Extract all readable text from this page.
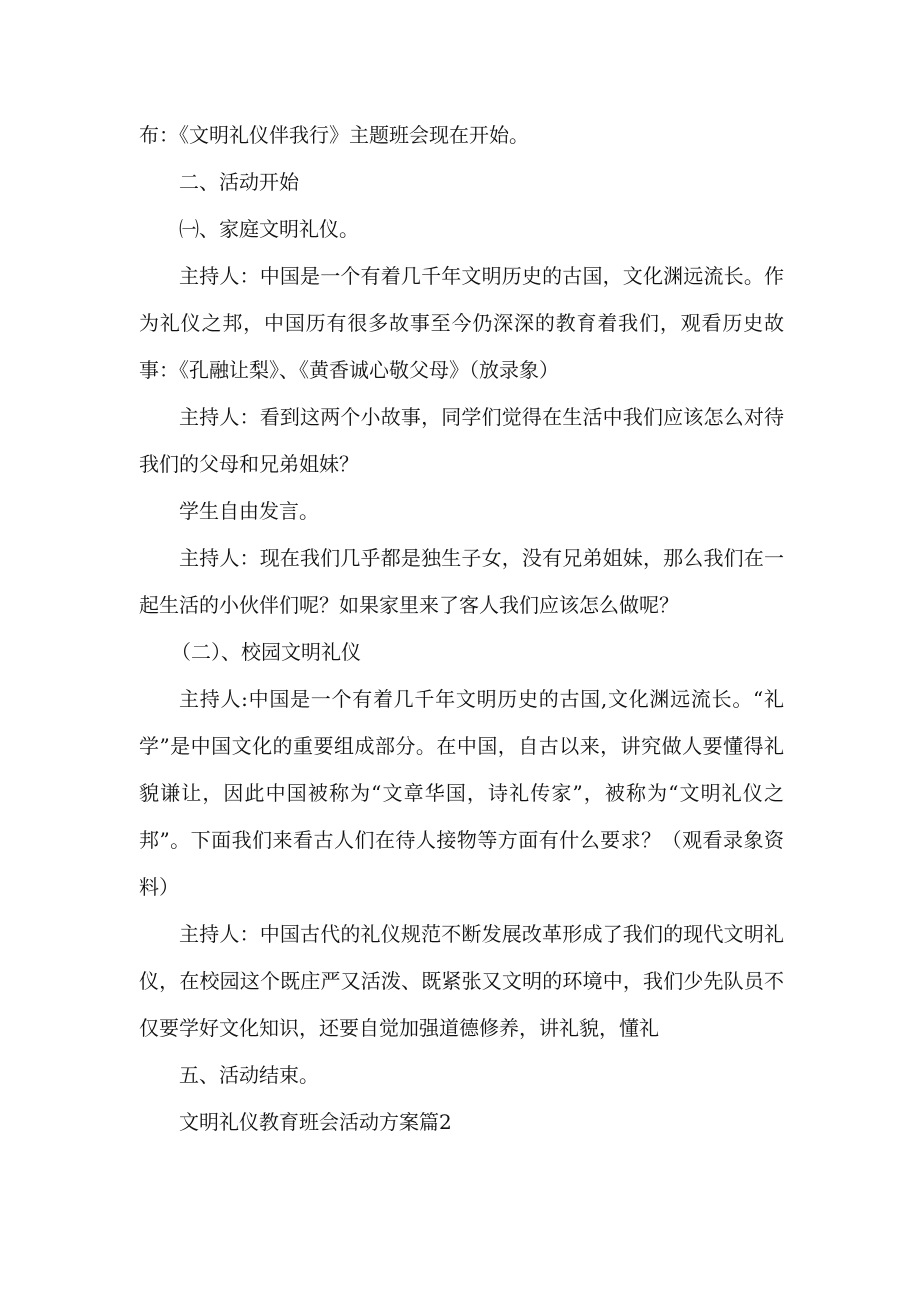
布：《文明礼仪伴我行》主题班会现在开始。

二、活动开始

㈠、家庭文明礼仪。

主持人：中国是一个有着几千年文明历史的古国，文化渊远流长。作为礼仪之邦，中国历有很多故事至今仍深深的教育着我们，观看历史故事：《孔融让梨》、《黄香诚心敬父母》（放录象）

主持人：看到这两个小故事，同学们觉得在生活中我们应该怎么对待我们的父母和兄弟姐妹？

学生自由发言。

主持人：现在我们几乎都是独生子女，没有兄弟姐妹，那么我们在一起生活的小伙伴们呢？如果家里来了客人我们应该怎么做呢？

（二）、校园文明礼仪

主持人:中国是一个有着几千年文明历史的古国,文化渊远流长。“礼学”是中国文化的重要组成部分。在中国，自古以来，讲究做人要懂得礼貌谦让，因此中国被称为“文章华国，诗礼传家”，被称为“文明礼仪之邦”。下面我们来看古人们在待人接物等方面有什么要求？（观看录象资料）

主持人：中国古代的礼仪规范不断发展改革形成了我们的现代文明礼仪，在校园这个既庄严又活泼、既紧张又文明的环境中，我们少先队员不仅要学好文化知识，还要自觉加强道德修养，讲礼貌，懂礼

五、活动结束。

文明礼仪教育班会活动方案篇2
